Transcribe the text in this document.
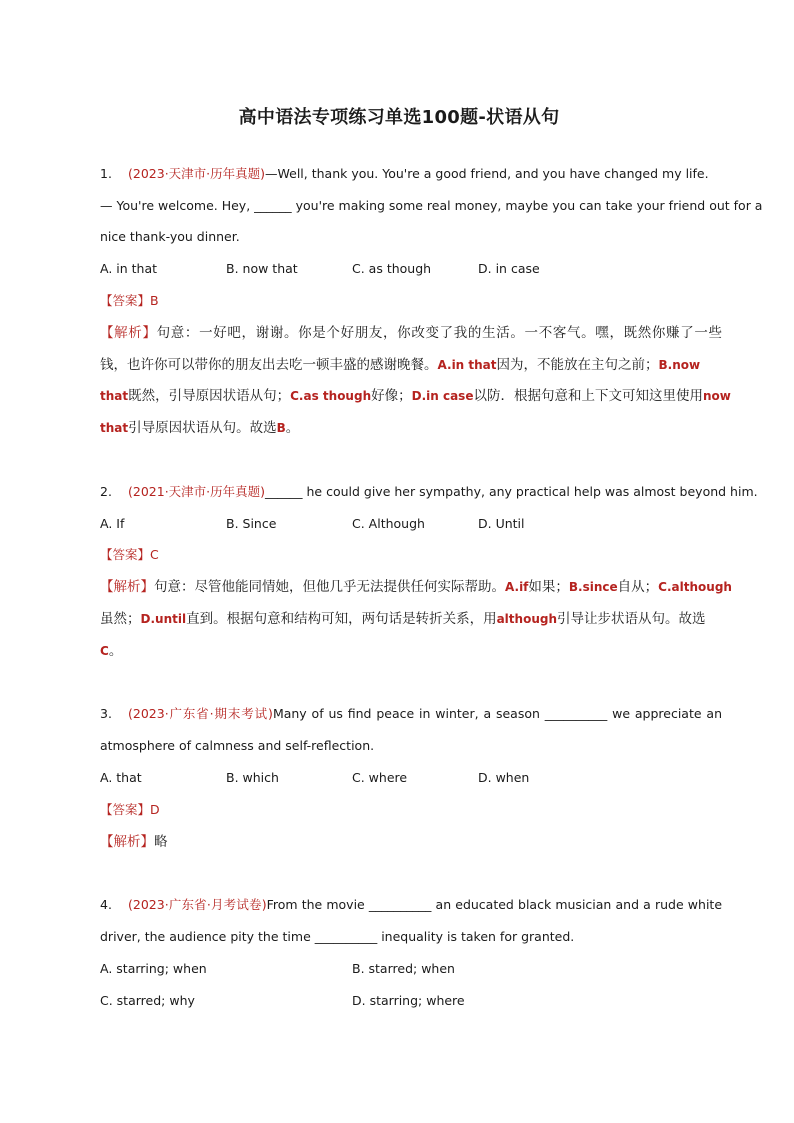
高中语法专项练习单选100题-状语从句
1. (2023·天津市·历年真题)—Well, thank you. You're a good friend, and you have changed my life.
— You're welcome. Hey, ______ you're making some real money, maybe you can take your friend out for a
nice thank-you dinner.
A. in that	B. now that	C. as though	D. in case
【答案】B
【解析】句意：一好吧，谢谢。你是个好朋友，你改变了我的生活。一不客气。嘿，既然你赚了一些
钱，也许你可以带你的朋友出去吃一顿丰盛的感谢晚餐。A.in that因为，不能放在主句之前；B.now
that既然，引导原因状语从句；C.as though好像；D.in case以防．根据句意和上下文可知这里使用now
that引导原因状语从句。故选B。
2. (2021·天津市·历年真题)______ he could give her sympathy, any practical help was almost beyond him.
A. If	B. Since	C. Although	D. Until
【答案】C
【解析】句意：尽管他能同情她，但他几乎无法提供任何实际帮助。A.if如果；B.since自从；C.although
虽然；D.until直到。根据句意和结构可知，两句话是转折关系，用although引导让步状语从句。故选
C。
3. (2023·广东省·期末考试)Many of us find peace in winter, a season __________ we appreciate an
atmosphere of calmness and self-reflection.
A. that	B. which	C. where	D. when
【答案】D
【解析】略
4. (2023·广东省·月考试卷)From the movie __________ an educated black musician and a rude white
driver, the audience pity the time __________ inequality is taken for granted.
A. starring; when	B. starred; when
C. starred; why	D. starring; where
